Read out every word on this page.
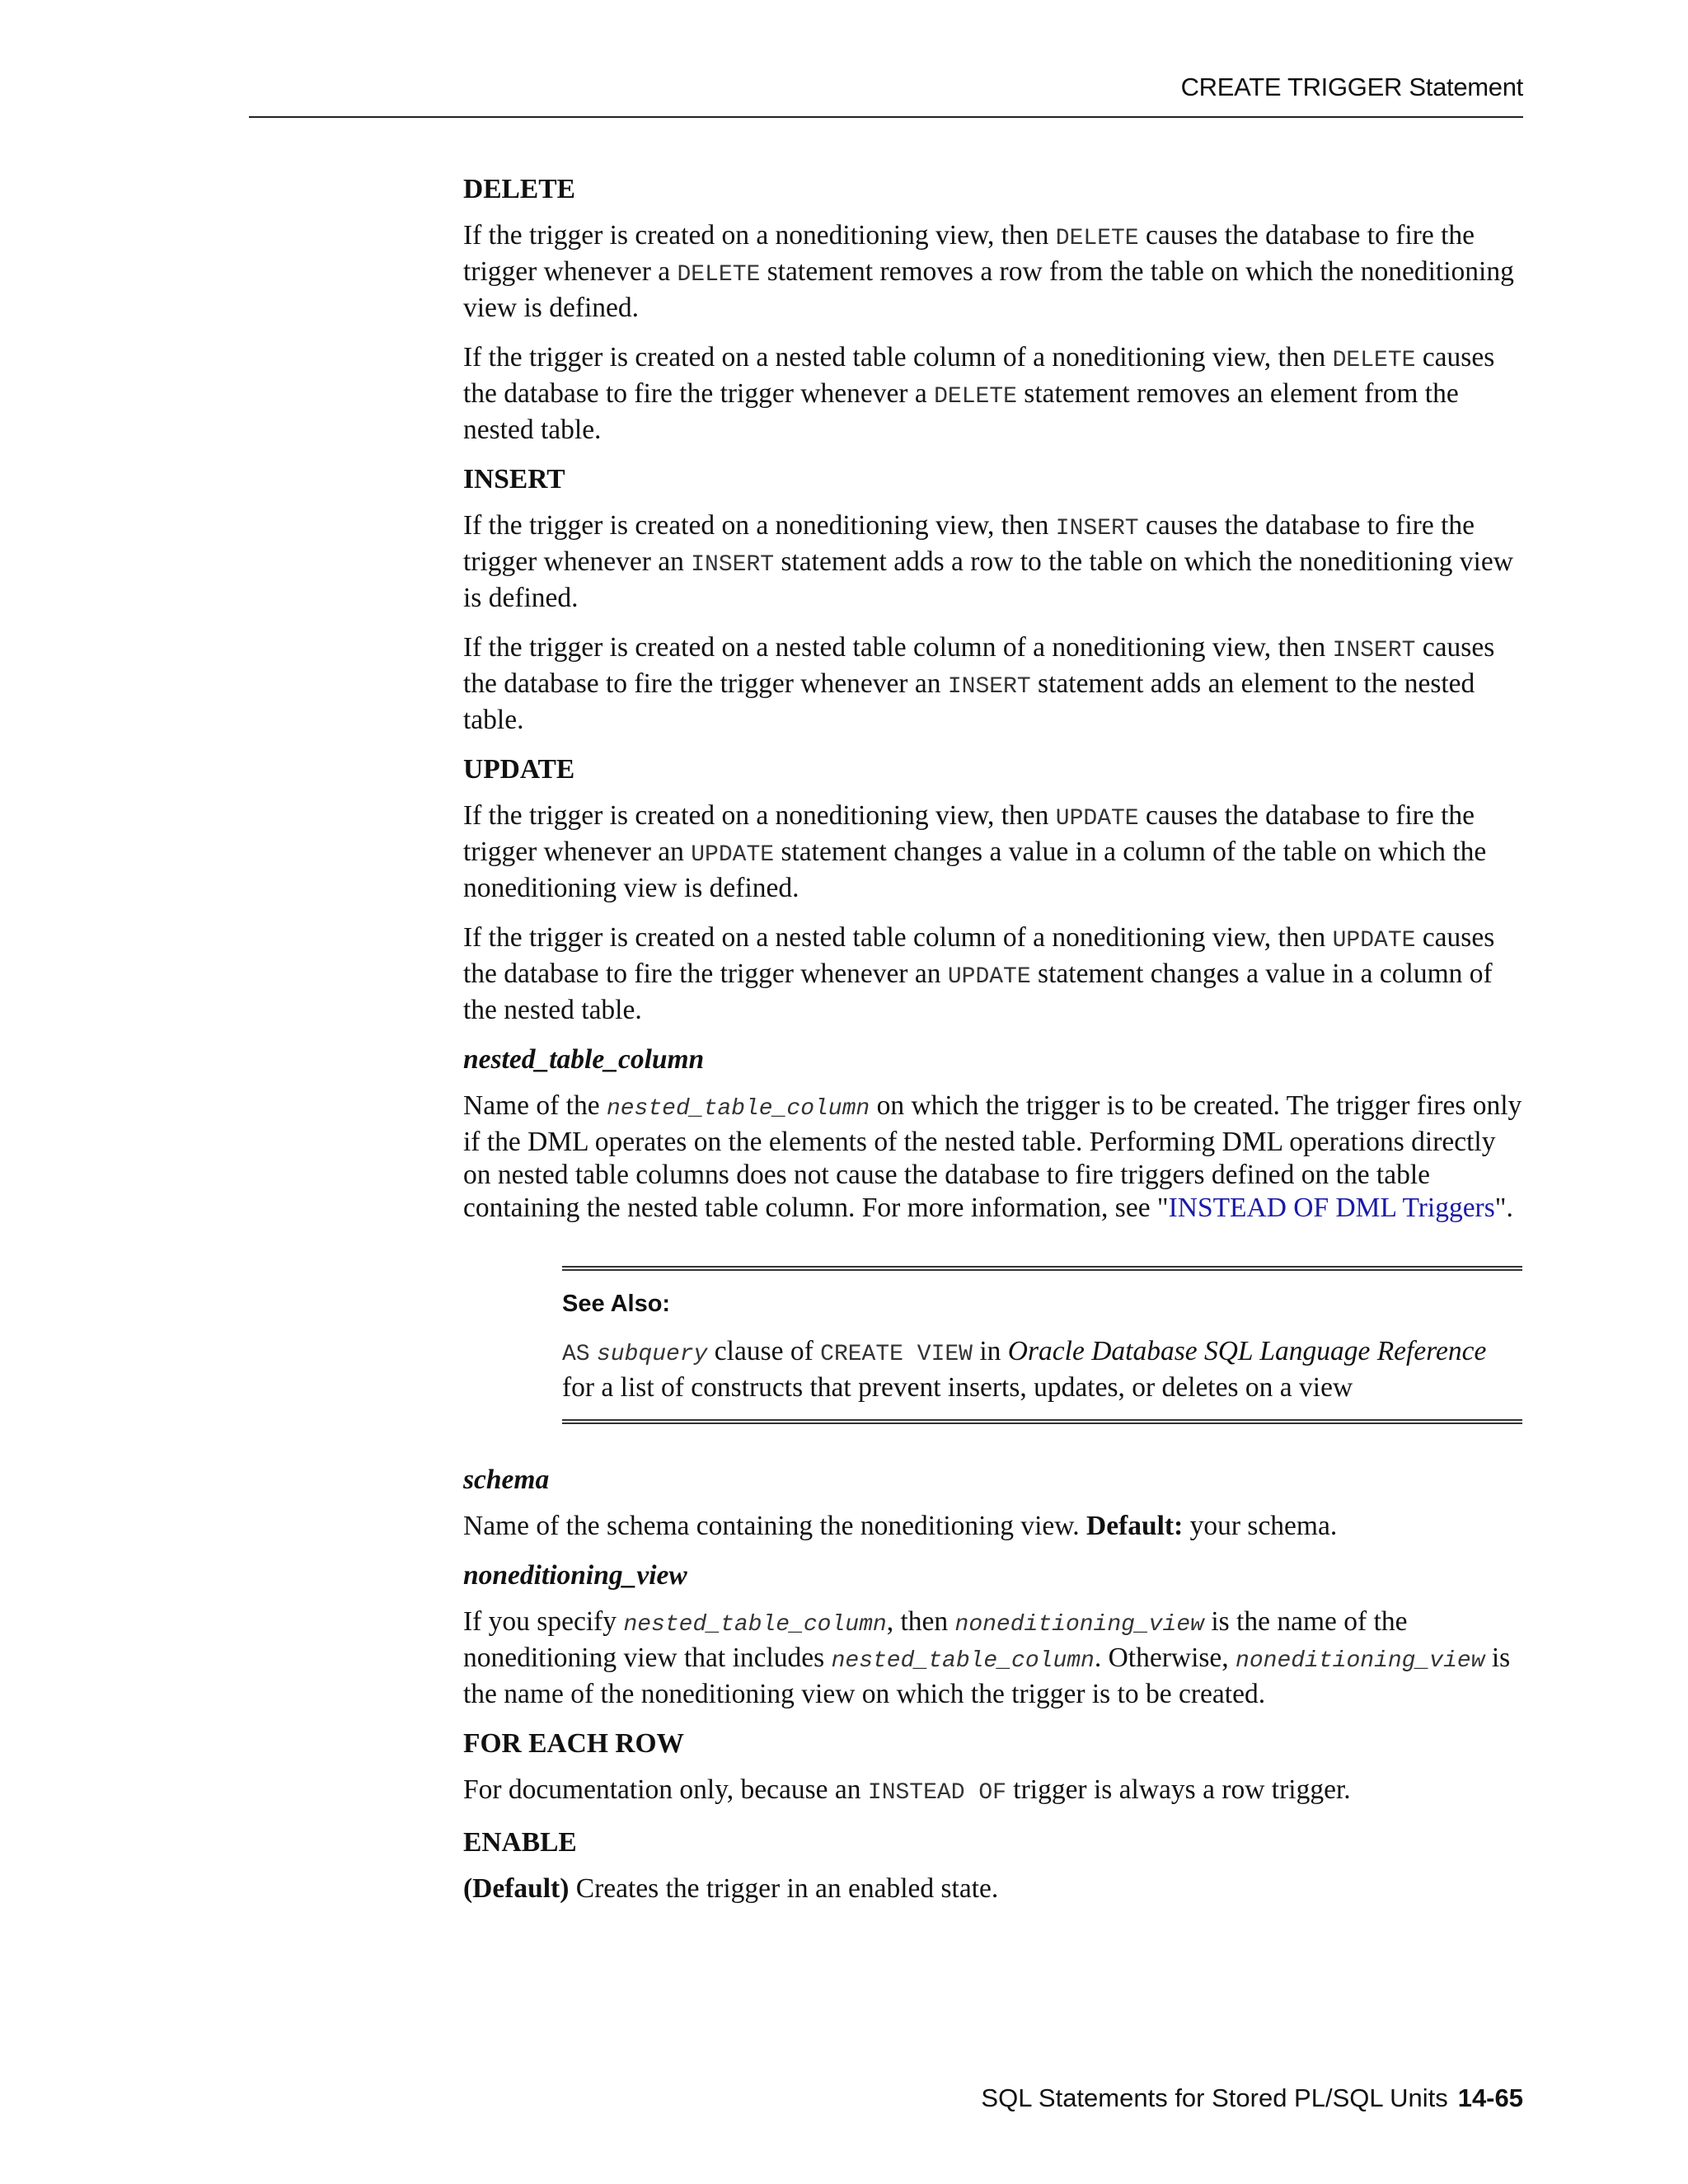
CREATE TRIGGER Statement
DELETE

If the trigger is created on a noneditioning view, then DELETE causes the database to fire the trigger whenever a DELETE statement removes a row from the table on which the noneditioning view is defined.

If the trigger is created on a nested table column of a noneditioning view, then DELETE causes the database to fire the trigger whenever a DELETE statement removes an element from the nested table.

INSERT

If the trigger is created on a noneditioning view, then INSERT causes the database to fire the trigger whenever an INSERT statement adds a row to the table on which the noneditioning view is defined.

If the trigger is created on a nested table column of a noneditioning view, then INSERT causes the database to fire the trigger whenever an INSERT statement adds an element to the nested table.

UPDATE

If the trigger is created on a noneditioning view, then UPDATE causes the database to fire the trigger whenever an UPDATE statement changes a value in a column of the table on which the noneditioning view is defined.

If the trigger is created on a nested table column of a noneditioning view, then UPDATE causes the database to fire the trigger whenever an UPDATE statement changes a value in a column of the nested table.

nested_table_column

Name of the nested_table_column on which the trigger is to be created. The trigger fires only if the DML operates on the elements of the nested table. Performing DML operations directly on nested table columns does not cause the database to fire triggers defined on the table containing the nested table column. For more information, see "INSTEAD OF DML Triggers".

See Also:

AS subquery clause of CREATE VIEW in Oracle Database SQL Language Reference for a list of constructs that prevent inserts, updates, or deletes on a view

schema

Name of the schema containing the noneditioning view. Default: your schema.

noneditioning_view

If you specify nested_table_column, then noneditioning_view is the name of the noneditioning view that includes nested_table_column. Otherwise, noneditioning_view is the name of the noneditioning view on which the trigger is to be created.

FOR EACH ROW

For documentation only, because an INSTEAD OF trigger is always a row trigger.

ENABLE

(Default) Creates the trigger in an enabled state.

SQL Statements for Stored PL/SQL Units 14-65
